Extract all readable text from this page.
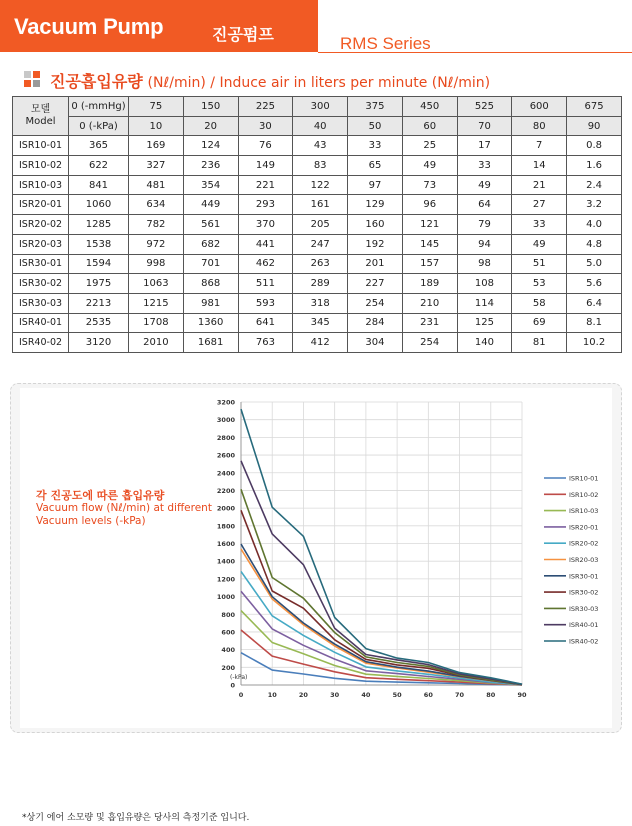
Vacuum Pump	진공펌프	RMS Series
진공흡입유량 (Nℓ/min) / Induce air in liters per minute (Nℓ/min)
모델
Model	0 (-mmHg)	75	150	225	300	375	450	525	600	675
	0 (-kPa)	10	20	30	40	50	60	70	80	90
ISR10-01	365	169	124	76	43	33	25	17	7	0.8
ISR10-02	622	327	236	149	83	65	49	33	14	1.6
ISR10-03	841	481	354	221	122	97	73	49	21	2.4
ISR20-01	1060	634	449	293	161	129	96	64	27	3.2
ISR20-02	1285	782	561	370	205	160	121	79	33	4.0
ISR20-03	1538	972	682	441	247	192	145	94	49	4.8
ISR30-01	1594	998	701	462	263	201	157	98	51	5.0
ISR30-02	1975	1063	868	511	289	227	189	108	53	5.6
ISR30-03	2213	1215	981	593	318	254	210	114	58	6.4
ISR40-01	2535	1708	1360	641	345	284	231	125	69	8.1
ISR40-02	3120	2010	1681	763	412	304	254	140	81	10.2
각 진공도에 따른 흡입유량
Vacuum flow (Nℓ/min) at different Vacuum levels (-kPa)
0
200
400
600
800
1000
1200
1400
1600
1800
2000
2200
2400
2600
2800
3000
3200
0	10	20	30	40	50	60	70	80	90
(-kPa)
ISR10-01
ISR10-02
ISR10-03
ISR20-01
ISR20-02
ISR20-03
ISR30-01
ISR30-02
ISR30-03
ISR40-01
ISR40-02
*상기 에어 소모량 및 흡입유량은 당사의 측정기준 입니다.
